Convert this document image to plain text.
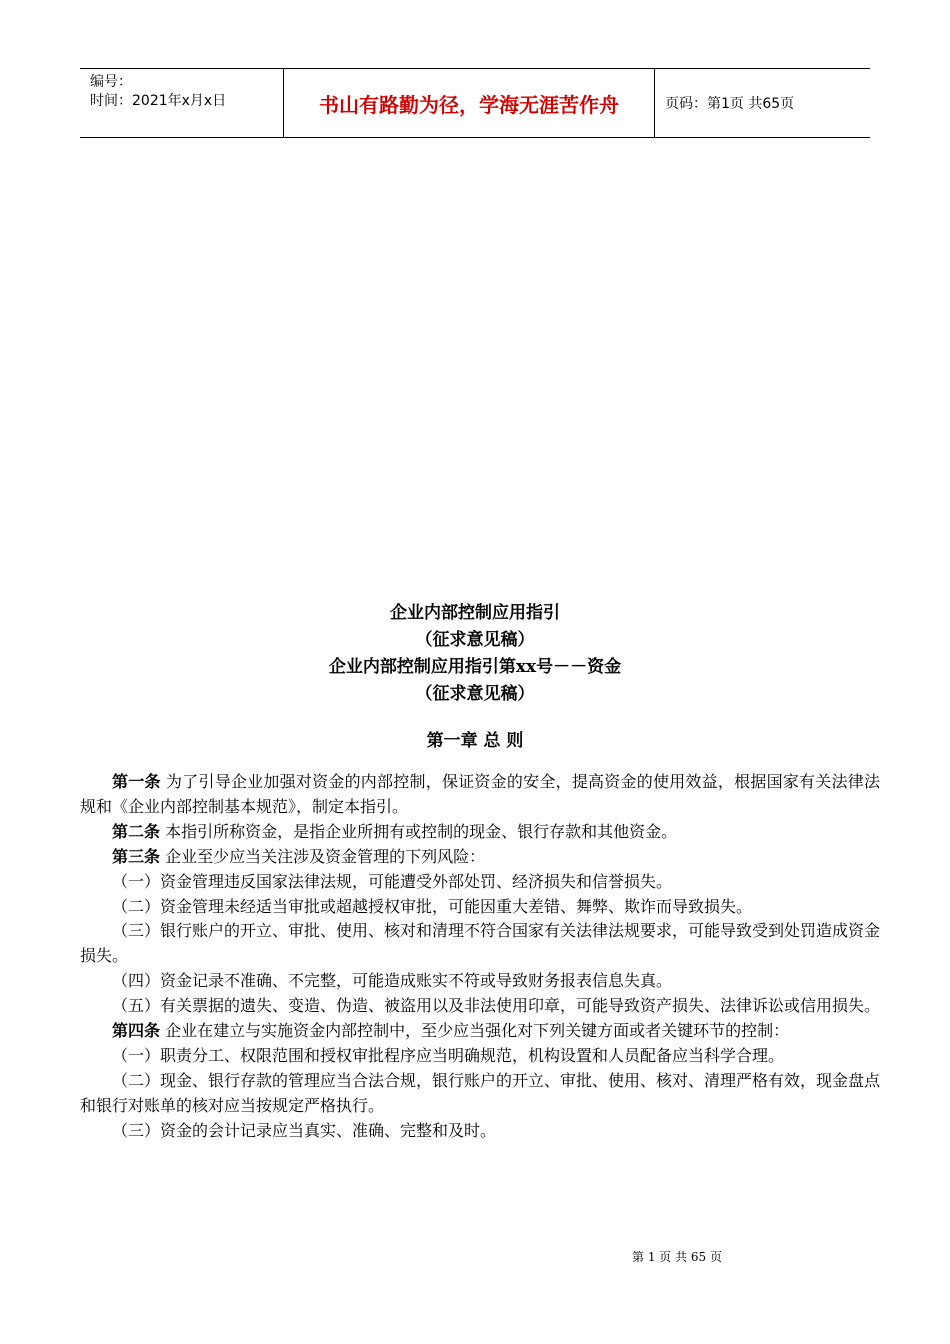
编号：
时间：2021年x月x日	书山有路勤为径，学海无涯苦作舟	页码：第1页 共65页
企业内部控制应用指引
（征求意见稿）
企业内部控制应用指引第xx号－－资金
（征求意见稿）
第一章 总 则

第一条 为了引导企业加强对资金的内部控制，保证资金的安全，提高资金的使用效益，根据国家有关法律法规和《企业内部控制基本规范》，制定本指引。

第二条 本指引所称资金，是指企业所拥有或控制的现金、银行存款和其他资金。

第三条 企业至少应当关注涉及资金管理的下列风险：

（一）资金管理违反国家法律法规，可能遭受外部处罚、经济损失和信誉损失。

（二）资金管理未经适当审批或超越授权审批，可能因重大差错、舞弊、欺诈而导致损失。

（三）银行账户的开立、审批、使用、核对和清理不符合国家有关法律法规要求，可能导致受到处罚造成资金损失。

（四）资金记录不准确、不完整，可能造成账实不符或导致财务报表信息失真。

（五）有关票据的遗失、变造、伪造、被盗用以及非法使用印章，可能导致资产损失、法律诉讼或信用损失。

第四条 企业在建立与实施资金内部控制中，至少应当强化对下列关键方面或者关键环节的控制：

（一）职责分工、权限范围和授权审批程序应当明确规范，机构设置和人员配备应当科学合理。

（二）现金、银行存款的管理应当合法合规，银行账户的开立、审批、使用、核对、清理严格有效，现金盘点和银行对账单的核对应当按规定严格执行。

（三）资金的会计记录应当真实、准确、完整和及时。

第 1 页 共 65 页
